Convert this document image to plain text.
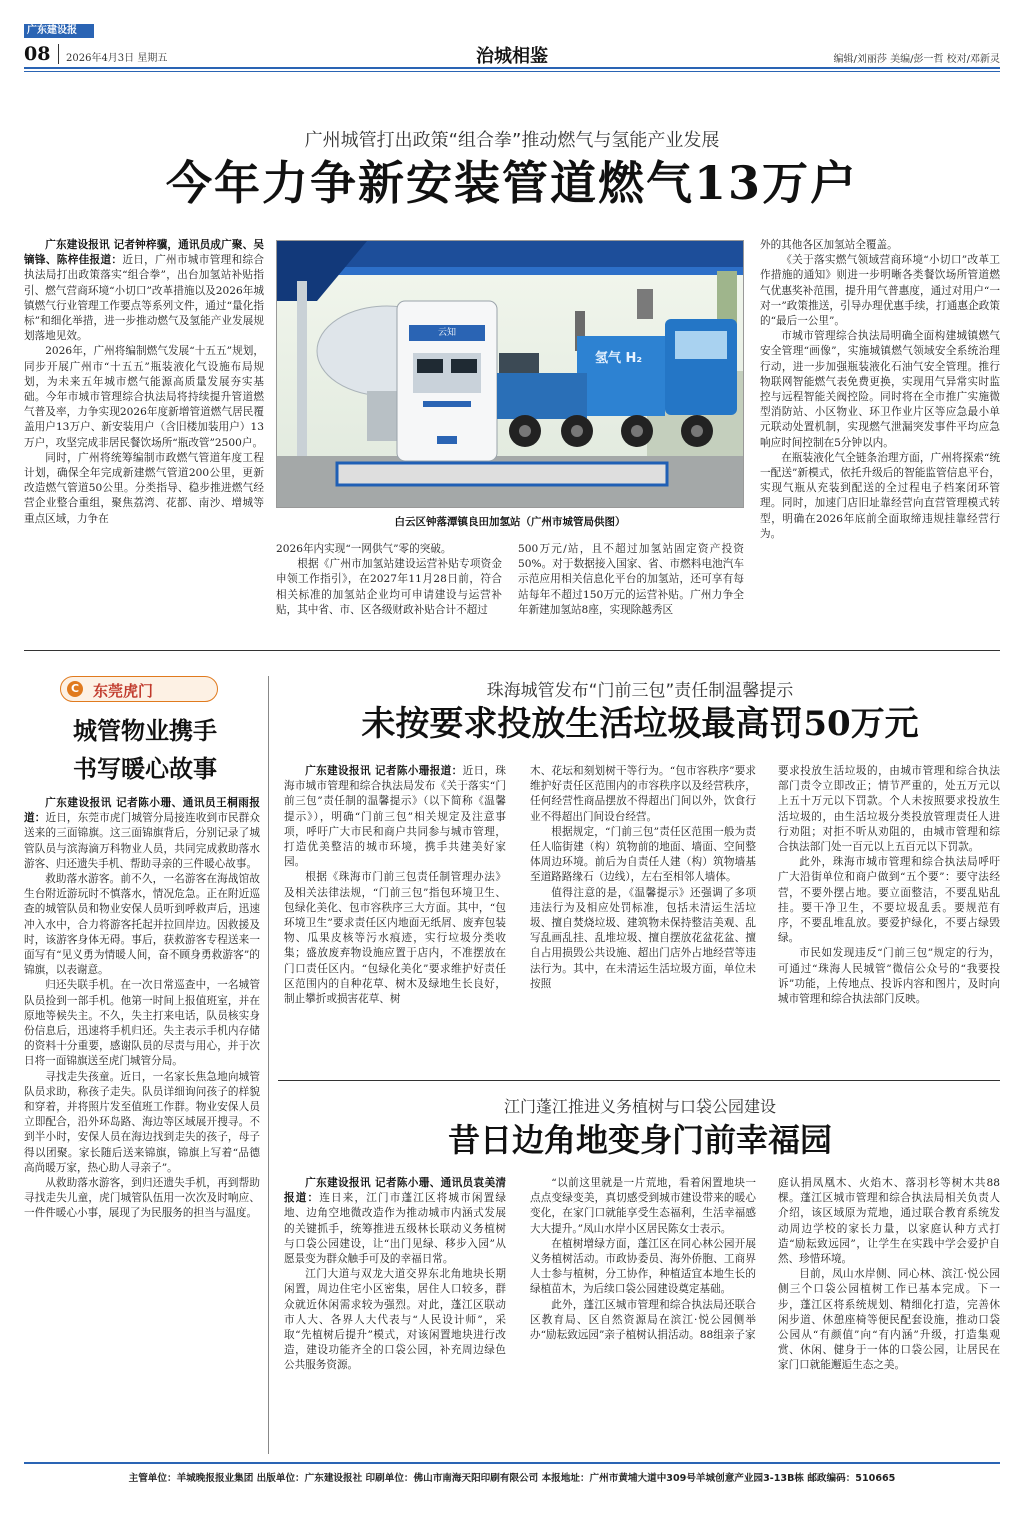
广东建设报
08 2026年4月3日 星期五	治城相鉴	编辑/刘丽莎 美编/彭一哲 校对/邓新灵
广州城管打出政策“组合拳”推动燃气与氢能产业发展
今年力争新安装管道燃气13万户

广东建设报讯 记者钟梓骥，通讯员成广聚、吴镝锋、陈梓佳报道：近日，广州市城市管理和综合执法局打出政策落实“组合拳”，出台加氢站补贴指引、燃气营商环境“小切口”改革措施以及2026年城镇燃气行业管理工作要点等系列文件，通过“量化指标”和细化举措，进一步推动燃气及氢能产业发展规划落地见效。

2026年，广州将编制燃气发展“十五五”规划，同步开展广州市“十五五”瓶装液化气设施布局规划，为未来五年城市燃气能源高质量发展夯实基础。今年市城市管理综合执法局将持续提升管道燃气普及率，力争实现2026年度新增管道燃气居民覆盖用户13万户、新安装用户（含旧楼加装用户）13万户，攻坚完成非居民餐饮场所“瓶改管”2500户。

同时，广州将统筹编制市政燃气管道年度工程计划，确保全年完成新建燃气管道200公里，更新改造燃气管道50公里。分类指导、稳步推进燃气经营企业整合重组，聚焦荔湾、花都、南沙、增城等重点区域，力争在

云知
氢气 H₂
白云区钟落潭镇良田加氢站（广州市城管局供图）

2026年内实现“一网供气”零的突破。

根据《广州市加氢站建设运营补贴专项资金申领工作指引》，在2027年11月28日前，符合相关标准的加氢站企业均可申请建设与运营补贴，其中省、市、区各级财政补贴合计不超过

500万元/站，且不超过加氢站固定资产投资50%。对于数据接入国家、省、市燃料电池汽车示范应用相关信息化平台的加氢站，还可享有每站每年不超过150万元的运营补贴。广州力争全年新建加氢站8座，实现除越秀区

外的其他各区加氢站全覆盖。

《关于落实燃气领域营商环境“小切口”改革工作措施的通知》则进一步明晰各类餐饮场所管道燃气优惠奖补范围，提升用气普惠度，通过对用户“一对一”政策推送，引导办理优惠手续，打通惠企政策的“最后一公里”。

市城市管理综合执法局明确全面构建城镇燃气安全管理“画像”，实施城镇燃气领域安全系统治理行动，进一步加强瓶装液化石油气安全管理。推行物联网智能燃气表免费更换，实现用气异常实时监控与远程智能关阀控险。同时将在全市推广实施微型消防站、小区物业、环卫作业片区等应急最小单元联动处置机制，实现燃气泄漏突发事件平均应急响应时间控制在5分钟以内。

在瓶装液化气全链条治理方面，广州将探索“统一配送”新模式，依托升级后的智能监管信息平台，实现气瓶从充装到配送的全过程电子档案闭环管理。同时，加速门店旧址靠经营向直营管理模式转型，明确在2026年底前全面取缔违规挂靠经营行为。

C 东莞虎门
城管物业携手
书写暖心故事

广东建设报讯 记者陈小珊、通讯员王桐雨报道：近日，东莞市虎门城管分局接连收到市民群众送来的三面锦旗。这三面锦旗背后，分别记录了城管队员与滨海滴万科物业人员，共同完成救助落水游客、归还遗失手机、帮助寻亲的三件暖心故事。

救助落水游客。前不久，一名游客在海战馆故生台附近游玩时不慎落水，情况危急。正在附近巡查的城管队员和物业安保人员听到呼救声后，迅速冲入水中，合力将游客托起并拉回岸边。因救援及时，该游客身体无碍。事后，获救游客专程送来一面写有“见义勇为情暖人间，奋不顾身勇救游客”的锦旗，以表谢意。

归还失联手机。在一次日常巡查中，一名城管队员捡到一部手机。他第一时间上报值班室，并在原地等候失主。不久，失主打来电话，队员核实身份信息后，迅速将手机归还。失主表示手机内存储的资料十分重要，感谢队员的尽责与用心，并于次日将一面锦旗送至虎门城管分局。

寻找走失孩童。近日，一名家长焦急地向城管队员求助，称孩子走失。队员详细询问孩子的样貌和穿着，并将照片发至值班工作群。物业安保人员立即配合，沿外环岛路、海边等区域展开搜寻。不到半小时，安保人员在海边找到走失的孩子，母子得以团聚。家长随后送来锦旗，锦旗上写着“品德高尚暖万家，热心助人寻亲子”。

从救助落水游客，到归还遗失手机，再到帮助寻找走失儿童，虎门城管队伍用一次次及时响应、一件件暖心小事，展现了为民服务的担当与温度。

珠海城管发布“门前三包”责任制温馨提示
未按要求投放生活垃圾最高罚50万元

广东建设报讯 记者陈小珊报道：近日，珠海市城市管理和综合执法局发布《关于落实“门前三包”责任制的温馨提示》（以下简称《温馨提示》），明确“门前三包”相关规定及注意事项，呼吁广大市民和商户共同参与城市管理，打造优美整洁的城市环境，携手共建美好家园。

根据《珠海市门前三包责任制管理办法》及相关法律法规，“门前三包”指包环境卫生、包绿化美化、包市容秩序三大方面。其中，“包环境卫生”要求责任区内地面无纸屑、废弃包装物、瓜果皮核等污水痕迹，实行垃圾分类收集；盛放废弃物设施应置于店内，不准摆放在门口责任区内。“包绿化美化”要求维护好责任区范围内的自种花草、树木及绿地生长良好，制止攀折或损害花草、树

木、花坛和刻划树干等行为。“包市容秩序”要求维护好责任区范围内的市容秩序以及经营秩序，任何经营性商品摆放不得超出门间以外，饮食行业不得超出门间设台经营。

根据规定，“门前三包”责任区范围一般为责任人临街建（构）筑物前的地面、墙面、空间整体周边环境。前后为自责任人建（构）筑物墙基至道路路缘石（边线），左右至相邻人墙体。

值得注意的是，《温馨提示》还强调了多项违法行为及相应处罚标准，包括未清运生活垃圾、擅自焚烧垃圾、建筑物未保持整洁美观、乱写乱画乱挂、乱堆垃圾、擅自摆放花盆花盆、擅自占用损毁公共设施、超出门店外占地经营等违法行为。其中，在未清运生活垃圾方面，单位未按照

要求投放生活垃圾的，由城市管理和综合执法部门责令立即改正；情节严重的，处五万元以上五十万元以下罚款。个人未按照要求投放生活垃圾的，由生活垃圾分类投放管理责任人进行劝阻；对拒不听从劝阻的，由城市管理和综合执法部门处一百元以上五百元以下罚款。

此外，珠海市城市管理和综合执法局呼吁广大沿街单位和商户做到“五个要”：要守法经营，不要外摆占地。要立面整洁，不要乱贴乱挂。要干净卫生，不要垃圾乱丢。要规范有序，不要乱堆乱放。要爱护绿化，不要占绿毁绿。

市民如发现违反“门前三包”规定的行为，可通过“珠海人民城管”微信公众号的“我要投诉”功能，上传地点、投诉内容和图片，及时向城市管理和综合执法部门反映。

江门蓬江推进义务植树与口袋公园建设
昔日边角地变身门前幸福园

广东建设报讯 记者陈小珊、通讯员袁美清报道：连日来，江门市蓬江区将城市闲置绿地、边角空地微改造作为推动城市内涵式发展的关键抓手，统筹推进五级林长联动义务植树与口袋公园建设，让“出门见绿、移步入园”从愿景变为群众触手可及的幸福日常。

江门大道与双龙大道交界东北角地块长期闲置，周边住宅小区密集，居住人口较多，群众就近休闲需求较为强烈。对此，蓬江区联动市人大、各界人大代表与“人民设计师”，采取“先植树后提升”模式，对该闲置地块进行改造，建设功能齐全的口袋公园，补充周边绿色公共服务资源。

“以前这里就是一片荒地，看着闲置地块一点点变绿变美，真切感受到城市建设带来的暖心变化，在家门口就能享受生态福利，生活幸福感大大提升。”凤山水岸小区居民陈女士表示。

在植树增绿方面，蓬江区在同心林公园开展义务植树活动。市政协委员、海外侨胞、工商界人士参与植树，分工协作，种植适宜本地生长的绿植苗木，为后续口袋公园建设奠定基础。

此外，蓬江区城市管理和综合执法局还联合区教育局、区自然资源局在滨江·悦公园侧举办“励耘致远园”亲子植树认捐活动。88组亲子家

庭认捐凤凰木、火焰木、落羽杉等树木共88棵。蓬江区城市管理和综合执法局相关负责人介绍，该区域原为荒地，通过联合教育系统发动周边学校的家长力量，以家庭认种方式打造“励耘致远园”，让学生在实践中学会爱护自然、珍惜环境。

目前，凤山水岸侧、同心林、滨江·悦公园侧三个口袋公园植树工作已基本完成。下一步，蓬江区将系统规划、精细化打造，完善休闲步道、休憩座椅等便民配套设施，推动口袋公园从“有颜值”向“有内涵”升级，打造集观赏、休闲、健身于一体的口袋公园，让居民在家门口就能邂逅生态之美。

主管单位：羊城晚报报业集团 出版单位：广东建设报社 印刷单位：佛山市南海天阳印刷有限公司 本报地址：广州市黄埔大道中309号羊城创意产业园3-13B栋 邮政编码：510665
